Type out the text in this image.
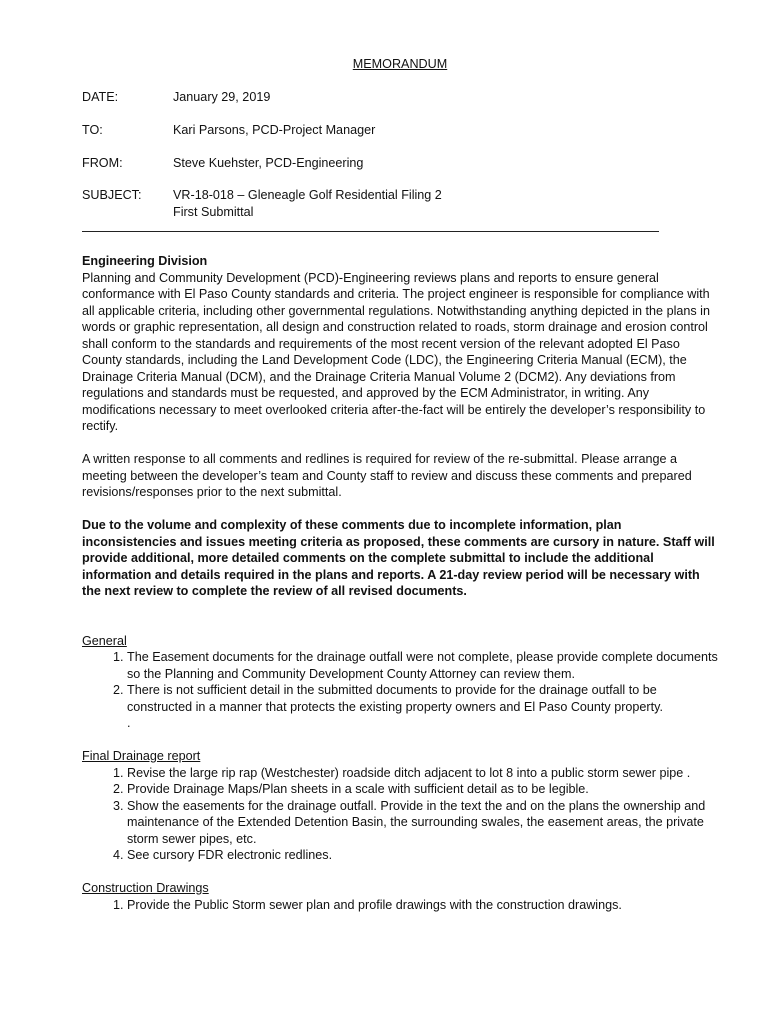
MEMORANDUM
DATE:	January 29, 2019
TO:	Kari Parsons, PCD-Project Manager
FROM:	Steve Kuehster, PCD-Engineering
SUBJECT:	VR-18-018 – Gleneagle Golf Residential Filing 2
First Submittal

Engineering Division

Planning and Community Development (PCD)-Engineering reviews plans and reports to ensure general conformance with El Paso County standards and criteria. The project engineer is responsible for compliance with all applicable criteria, including other governmental regulations. Notwithstanding anything depicted in the plans in words or graphic representation, all design and construction related to roads, storm drainage and erosion control shall conform to the standards and requirements of the most recent version of the relevant adopted El Paso County standards, including the Land Development Code (LDC), the Engineering Criteria Manual (ECM), the Drainage Criteria Manual (DCM), and the Drainage Criteria Manual Volume 2 (DCM2). Any deviations from regulations and standards must be requested, and approved by the ECM Administrator, in writing. Any modifications necessary to meet overlooked criteria after-the-fact will be entirely the developer’s responsibility to rectify.

A written response to all comments and redlines is required for review of the re-submittal. Please arrange a meeting between the developer’s team and County staff to review and discuss these comments and prepared revisions/responses prior to the next submittal.

Due to the volume and complexity of these comments due to incomplete information, plan inconsistencies and issues meeting criteria as proposed, these comments are cursory in nature. Staff will provide additional, more detailed comments on the complete submittal to include the additional information and details required in the plans and reports. A 21-day review period will be necessary with the next review to complete the review of all revised documents.

General

1. The Easement documents for the drainage outfall were not complete, please provide complete documents so the Planning and Community Development County Attorney can review them.
2. There is not sufficient detail in the submitted documents to provide for the drainage outfall to be constructed in a manner that protects the existing property owners and El Paso County property.
.

Final Drainage report

1. Revise the large rip rap (Westchester) roadside ditch adjacent to lot 8 into a public storm sewer pipe .
2. Provide Drainage Maps/Plan sheets in a scale with sufficient detail as to be legible.
3. Show the easements for the drainage outfall. Provide in the text the and on the plans the ownership and maintenance of the Extended Detention Basin, the surrounding swales, the easement areas, the private storm sewer pipes, etc.
4. See cursory FDR electronic redlines.

Construction Drawings

1. Provide the Public Storm sewer plan and profile drawings with the construction drawings.
